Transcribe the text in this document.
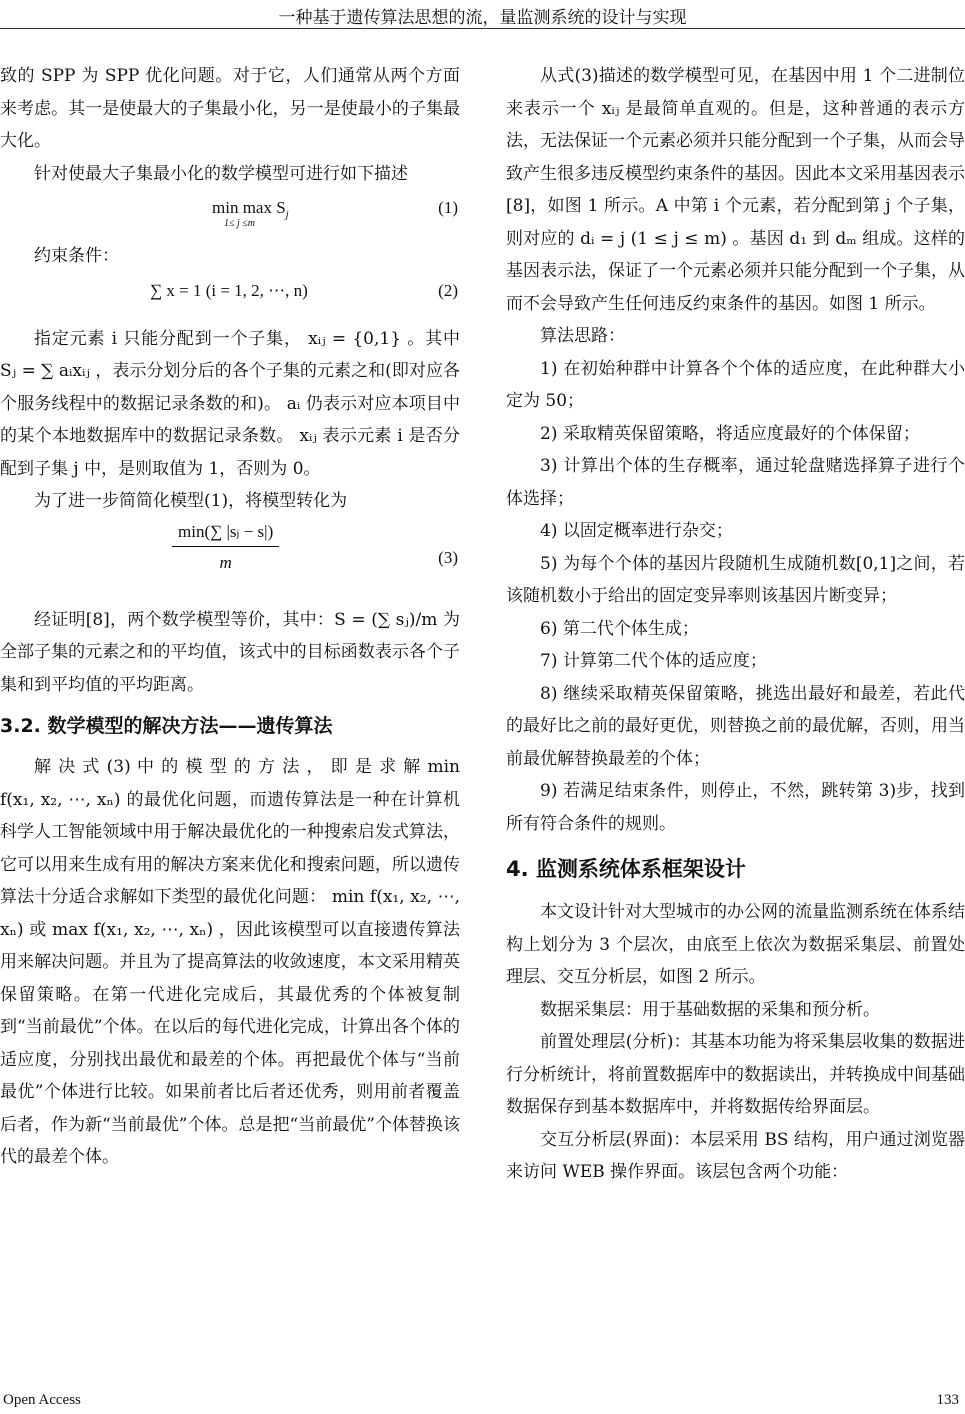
一种基于遗传算法思想的流，量监测系统的设计与实现

致的 SPP 为 SPP 优化问题。对于它，人们通常从两个方面来考虑。其一是使最大的子集最小化，另一是使最小的子集最大化。

针对使最大子集最小化的数学模型可进行如下描述

$\min \max S_j$
1≤ j ≤m
(1)

约束条件：

∑ x = 1 (i = 1, 2, ⋯, n)	(2)

指定元素 i 只能分配到一个子集， xᵢⱼ = {0,1} 。其中 Sⱼ = ∑ aᵢxᵢⱼ ，表示分划分后的各个子集的元素之和(即对应各个服务线程中的数据记录条数的和)。 aᵢ 仍表示对应本项目中的某个本地数据库中的数据记录条数。 xᵢⱼ 表示元素 i 是否分配到子集 j 中，是则取值为 1，否则为 0。

为了进一步简简化模型(1)，将模型转化为

min(∑ |sⱼ − s|)
m	(3)

经证明[8]，两个数学模型等价，其中：S = (∑ sⱼ)/m 为全部子集的元素之和的平均值，该式中的目标函数表示各个子集和到平均值的平均距离。

3.2. 数学模型的解决方法——遗传算法

解 决 式 (3) 中 的 模 型 的 方 法 ， 即 是 求 解 min f(x₁, x₂, ⋯, xₙ) 的最优化问题，而遗传算法是一种在计算机科学人工智能领域中用于解决最优化的一种搜索启发式算法，它可以用来生成有用的解决方案来优化和搜索问题，所以遗传算法十分适合求解如下类型的最优化问题： min f(x₁, x₂, ⋯, xₙ) 或 max f(x₁, x₂, ⋯, xₙ) ，因此该模型可以直接遗传算法用来解决问题。并且为了提高算法的收敛速度，本文采用精英保留策略。在第一代进化完成后，其最优秀的个体被复制到“当前最优”个体。在以后的每代进化完成，计算出各个体的适应度，分别找出最优和最差的个体。再把最优个体与“当前最优”个体进行比较。如果前者比后者还优秀，则用前者覆盖后者，作为新“当前最优”个体。总是把“当前最优”个体替换该代的最差个体。

从式(3)描述的数学模型可见，在基因中用 1 个二进制位来表示一个 xᵢⱼ 是最简单直观的。但是，这种普通的表示方法，无法保证一个元素必须并只能分配到一个子集，从而会导致产生很多违反模型约束条件的基因。因此本文采用基因表示[8]，如图 1 所示。A 中第 i 个元素，若分配到第 j 个子集，则对应的 dᵢ = j (1 ≤ j ≤ m) 。基因 d₁ 到 dₘ 组成。这样的基因表示法，保证了一个元素必须并只能分配到一个子集，从而不会导致产生任何违反约束条件的基因。如图 1 所示。

算法思路：

1) 在初始种群中计算各个个体的适应度，在此种群大小定为 50；

2) 采取精英保留策略，将适应度最好的个体保留；

3) 计算出个体的生存概率，通过轮盘赌选择算子进行个体选择；

4) 以固定概率进行杂交；

5) 为每个个体的基因片段随机生成随机数[0,1]之间，若该随机数小于给出的固定变异率则该基因片断变异；

6) 第二代个体生成；

7) 计算第二代个体的适应度；

8) 继续采取精英保留策略，挑选出最好和最差，若此代的最好比之前的最好更优，则替换之前的最优解，否则，用当前最优解替换最差的个体；

9) 若满足结束条件，则停止，不然，跳转第 3)步，找到所有符合条件的规则。

4. 监测系统体系框架设计

本文设计针对大型城市的办公网的流量监测系统在体系结构上划分为 3 个层次，由底至上依次为数据采集层、前置处理层、交互分析层，如图 2 所示。

数据采集层：用于基础数据的采集和预分析。

前置处理层(分析)：其基本功能为将采集层收集的数据进行分析统计，将前置数据库中的数据读出，并转换成中间基础数据保存到基本数据库中，并将数据传给界面层。

交互分析层(界面)：本层采用 BS 结构，用户通过浏览器来访问 WEB 操作界面。该层包含两个功能：

Open Access	133
